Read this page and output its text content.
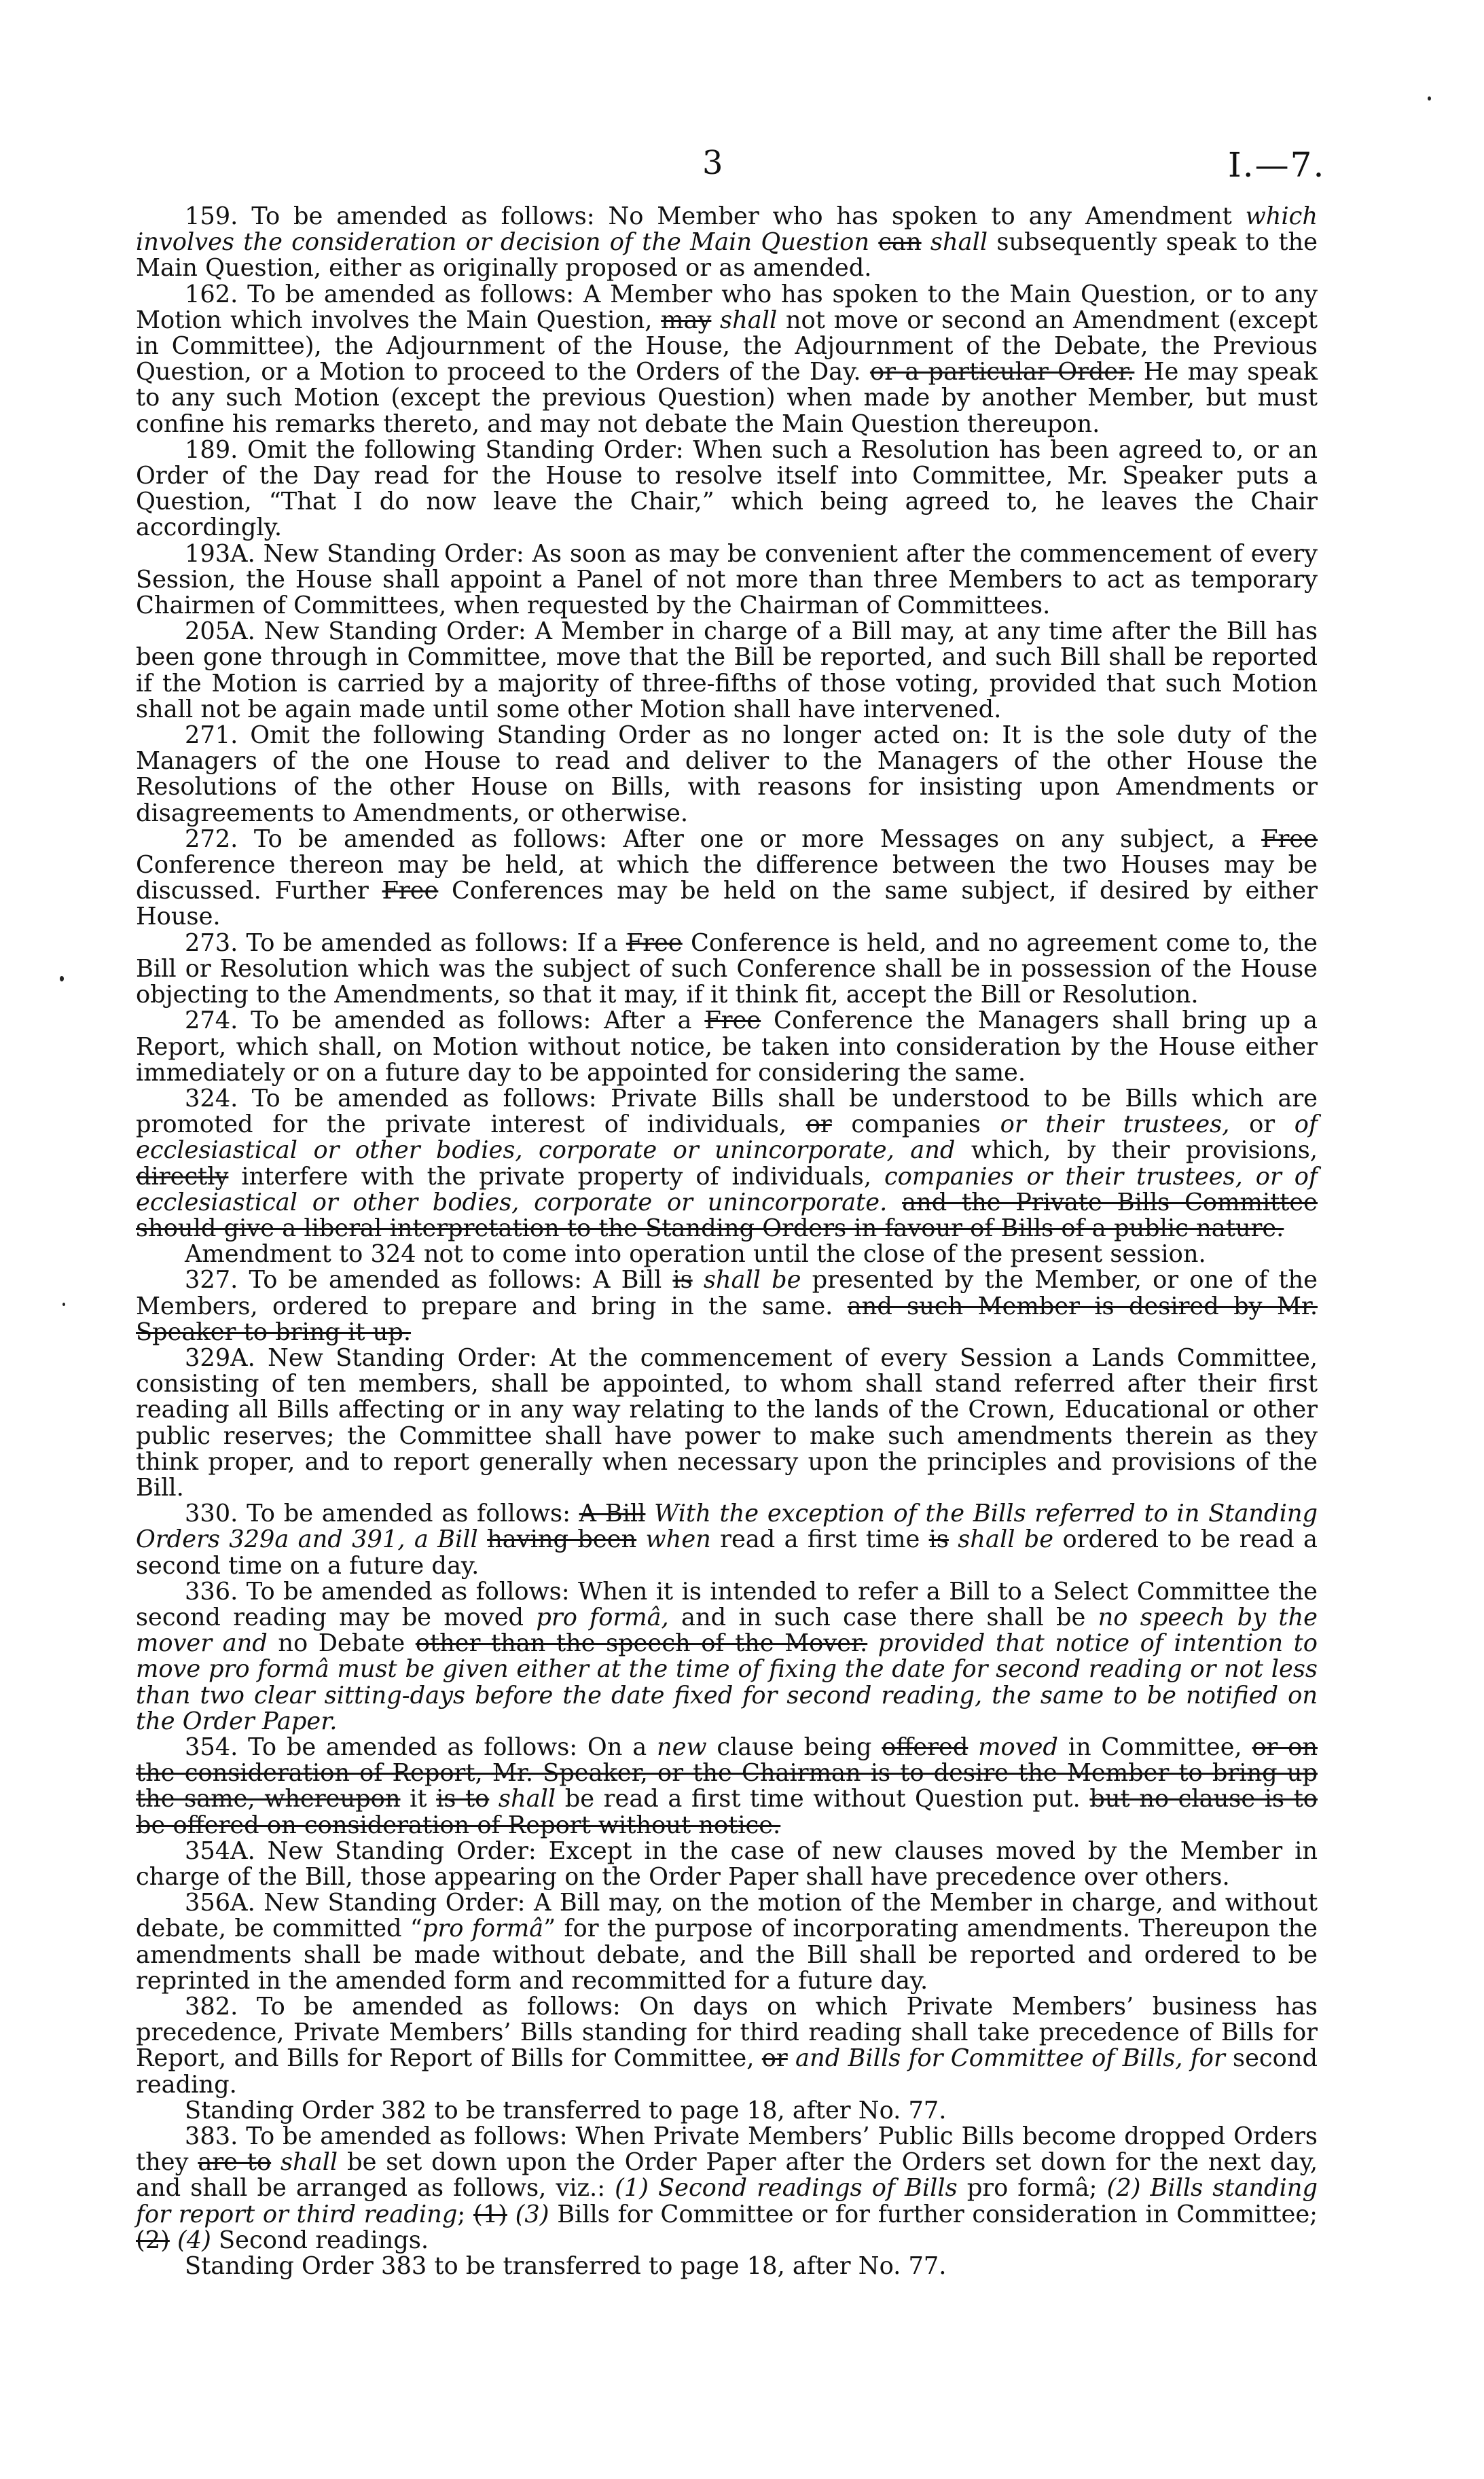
3	I.—7.

159. To be amended as follows: No Member who has spoken to any Amendment which involves the consideration or decision of the Main Question can shall subsequently speak to the Main Question, either as originally proposed or as amended.

162. To be amended as follows: A Member who has spoken to the Main Question, or to any Motion which involves the Main Question, may shall not move or second an Amendment (except in Committee), the Adjournment of the House, the Adjournment of the Debate, the Previous Question, or a Motion to proceed to the Orders of the Day. or a particular Order. He may speak to any such Motion (except the previous Question) when made by another Member, but must confine his remarks thereto, and may not debate the Main Question thereupon.

189. Omit the following Standing Order: When such a Resolution has been agreed to, or an Order of the Day read for the House to resolve itself into Committee, Mr. Speaker puts a Question, “That I do now leave the Chair,” which being agreed to, he leaves the Chair accordingly.

193A. New Standing Order: As soon as may be convenient after the commencement of every Session, the House shall appoint a Panel of not more than three Members to act as temporary Chairmen of Committees, when requested by the Chairman of Committees.

205A. New Standing Order: A Member in charge of a Bill may, at any time after the Bill has been gone through in Committee, move that the Bill be reported, and such Bill shall be reported if the Motion is carried by a majority of three-fifths of those voting, provided that such Motion shall not be again made until some other Motion shall have intervened.

271. Omit the following Standing Order as no longer acted on: It is the sole duty of the Managers of the one House to read and deliver to the Managers of the other House the Resolutions of the other House on Bills, with reasons for insisting upon Amendments or disagreements to Amendments, or otherwise.

272. To be amended as follows: After one or more Messages on any subject, a Free Conference thereon may be held, at which the difference between the two Houses may be discussed. Further Free Conferences may be held on the same subject, if desired by either House.

273. To be amended as follows: If a Free Conference is held, and no agreement come to, the Bill or Resolution which was the subject of such Conference shall be in possession of the House objecting to the Amendments, so that it may, if it think fit, accept the Bill or Resolution.

274. To be amended as follows: After a Free Conference the Managers shall bring up a Report, which shall, on Motion without notice, be taken into consideration by the House either immediately or on a future day to be appointed for considering the same.

324. To be amended as follows: Private Bills shall be understood to be Bills which are promoted for the private interest of individuals, or companies or their trustees, or of ecclesiastical or other bodies, corporate or unincorporate, and which, by their provisions, directly interfere with the private property of individuals, companies or their trustees, or of ecclesiastical or other bodies, corporate or unincorporate. and the Private Bills Committee should give a liberal interpretation to the Standing Orders in favour of Bills of a public nature.

Amendment to 324 not to come into operation until the close of the present session.

327. To be amended as follows: A Bill is shall be presented by the Member, or one of the Members, ordered to prepare and bring in the same. and such Member is desired by Mr. Speaker to bring it up.

329A. New Standing Order: At the commencement of every Session a Lands Committee, consisting of ten members, shall be appointed, to whom shall stand referred after their first reading all Bills affecting or in any way relating to the lands of the Crown, Educational or other public reserves; the Committee shall have power to make such amendments therein as they think proper, and to report generally when necessary upon the principles and provisions of the Bill.

330. To be amended as follows: A Bill With the exception of the Bills referred to in Standing Orders 329a and 391, a Bill having been when read a first time is shall be ordered to be read a second time on a future day.

336. To be amended as follows: When it is intended to refer a Bill to a Select Committee the second reading may be moved pro formâ, and in such case there shall be no speech by the mover and no Debate other than the speech of the Mover. provided that notice of intention to move pro formâ must be given either at the time of fixing the date for second reading or not less than two clear sitting-days before the date fixed for second reading, the same to be notified on the Order Paper.

354. To be amended as follows: On a new clause being offered moved in Committee, or on the consideration of Report, Mr. Speaker, or the Chairman is to desire the Member to bring up the same, whereupon it is to shall be read a first time without Question put. but no clause is to be offered on consideration of Report without notice.

354A. New Standing Order: Except in the case of new clauses moved by the Member in charge of the Bill, those appearing on the Order Paper shall have precedence over others.

356A. New Standing Order: A Bill may, on the motion of the Member in charge, and without debate, be committed “pro formâ” for the purpose of incorporating amendments. Thereupon the amendments shall be made without debate, and the Bill shall be reported and ordered to be reprinted in the amended form and recommitted for a future day.

382. To be amended as follows: On days on which Private Members’ business has precedence, Private Members’ Bills standing for third reading shall take precedence of Bills for Report, and Bills for Report of Bills for Committee, or and Bills for Committee of Bills, for second reading.

Standing Order 382 to be transferred to page 18, after No. 77.

383. To be amended as follows: When Private Members’ Public Bills become dropped Orders they are to shall be set down upon the Order Paper after the Orders set down for the next day, and shall be arranged as follows, viz.: (1) Second readings of Bills pro formâ; (2) Bills standing for report or third reading; (1) (3) Bills for Committee or for further consideration in Committee; (2) (4) Second readings.

Standing Order 383 to be transferred to page 18, after No. 77.
